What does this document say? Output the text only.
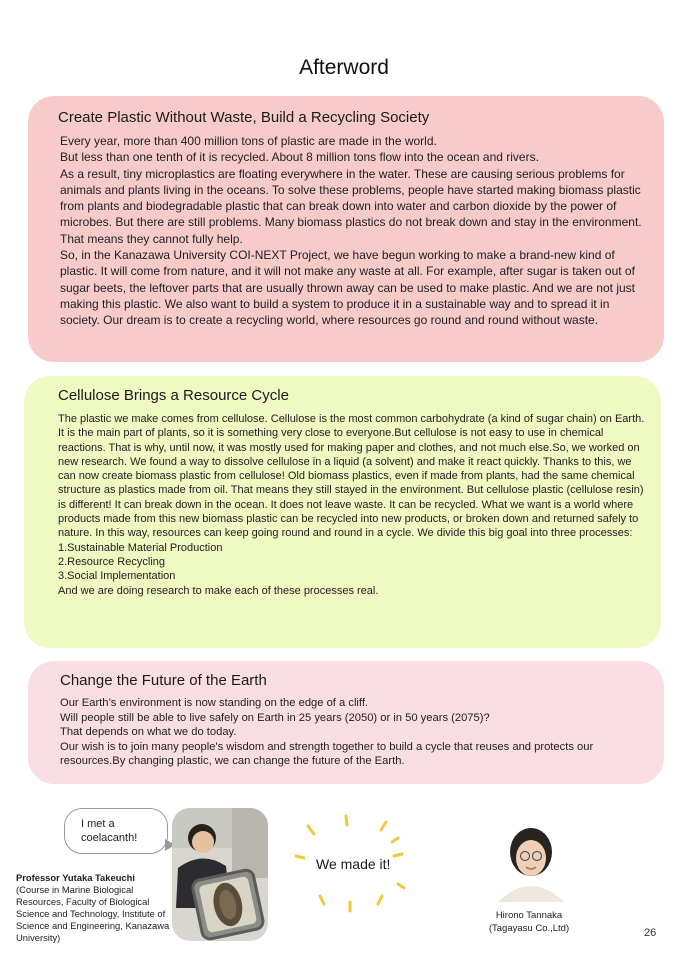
Afterword
Create Plastic Without Waste, Build a Recycling Society
Every year, more than 400 million tons of plastic are made in the world.
But less than one tenth of it is recycled. About 8 million tons flow into the ocean and rivers.
As a result, tiny microplastics are floating everywhere in the water. These are causing serious problems for animals and plants living in the oceans. To solve these problems, people have started making biomass plastic from plants and biodegradable plastic that can break down into water and carbon dioxide by the power of microbes. But there are still problems. Many biomass plastics do not break down and stay in the environment. That means they cannot fully help.
So, in the Kanazawa University COI-NEXT Project, we have begun working to make a brand-new kind of plastic. It will come from nature, and it will not make any waste at all. For example, after sugar is taken out of sugar beets, the leftover parts that are usually thrown away can be used to make plastic. And we are not just making this plastic. We also want to build a system to produce it in a sustainable way and to spread it in society. Our dream is to create a recycling world, where resources go round and round without waste.
Cellulose Brings a Resource Cycle
The plastic we make comes from cellulose. Cellulose is the most common carbohydrate (a kind of sugar chain) on Earth. It is the main part of plants, so it is something very close to everyone.But cellulose is not easy to use in chemical reactions. That is why, until now, it was mostly used for making paper and clothes, and not much else.So, we worked on new research. We found a way to dissolve cellulose in a liquid (a solvent) and make it react quickly. Thanks to this, we can now create biomass plastic from cellulose! Old biomass plastics, even if made from plants, had the same chemical structure as plastics made from oil. That means they still stayed in the environment. But cellulose plastic (cellulose resin) is different! It can break down in the ocean. It does not leave waste. It can be recycled. What we want is a world where products made from this new biomass plastic can be recycled into new products, or broken down and returned safely to nature. In this way, resources can keep going round and round in a cycle. We divide this big goal into three processes:
1.Sustainable Material Production
2.Resource Recycling
3.Social Implementation
And we are doing research to make each of these processes real.
Change the Future of the Earth
Our Earth’s environment is now standing on the edge of a cliff.
Will people still be able to live safely on Earth in 25 years (2050) or in 50 years (2075)?
That depends on what we do today.
Our wish is to join many people's wisdom and strength together to build a cycle that reuses and protects our resources.By changing plastic, we can change the future of the Earth.
I met a
coelacanth!
We made it!
Hirono Tannaka
(Tagayasu Co.,Ltd)
Professor Yutaka Takeuchi
(Course in Marine Biological Resources, Faculty of Biological Science and Technology, Institute of Science and Engineering, Kanazawa University)	26
